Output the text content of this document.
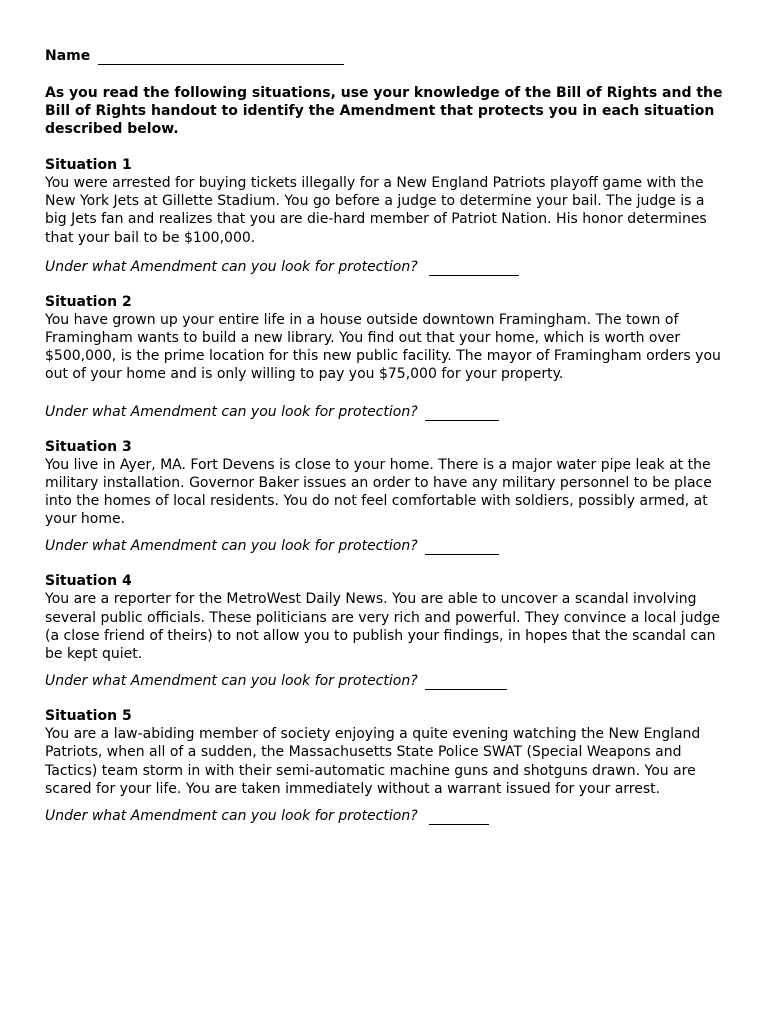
Name
As you read the following situations, use your knowledge of the Bill of Rights and the Bill of Rights handout to identify the Amendment that protects you in each situation described below.
Situation 1
You were arrested for buying tickets illegally for a New England Patriots playoff game with the New York Jets at Gillette Stadium. You go before a judge to determine your bail. The judge is a big Jets fan and realizes that you are die-hard member of Patriot Nation. His honor determines that your bail to be $100,000.
Under what Amendment can you look for protection?
Situation 2
You have grown up your entire life in a house outside downtown Framingham. The town of Framingham wants to build a new library. You find out that your home, which is worth over $500,000, is the prime location for this new public facility. The mayor of Framingham orders you out of your home and is only willing to pay you $75,000 for your property.
Under what Amendment can you look for protection?
Situation 3
You live in Ayer, MA. Fort Devens is close to your home. There is a major water pipe leak at the military installation. Governor Baker issues an order to have any military personnel to be place into the homes of local residents. You do not feel comfortable with soldiers, possibly armed, at your home.
Under what Amendment can you look for protection?
Situation 4
You are a reporter for the MetroWest Daily News. You are able to uncover a scandal involving several public officials. These politicians are very rich and powerful. They convince a local judge (a close friend of theirs) to not allow you to publish your findings, in hopes that the scandal can be kept quiet.
Under what Amendment can you look for protection?
Situation 5
You are a law-abiding member of society enjoying a quite evening watching the New England Patriots, when all of a sudden, the Massachusetts State Police SWAT (Special Weapons and Tactics) team storm in with their semi-automatic machine guns and shotguns drawn. You are scared for your life. You are taken immediately without a warrant issued for your arrest.
Under what Amendment can you look for protection?
